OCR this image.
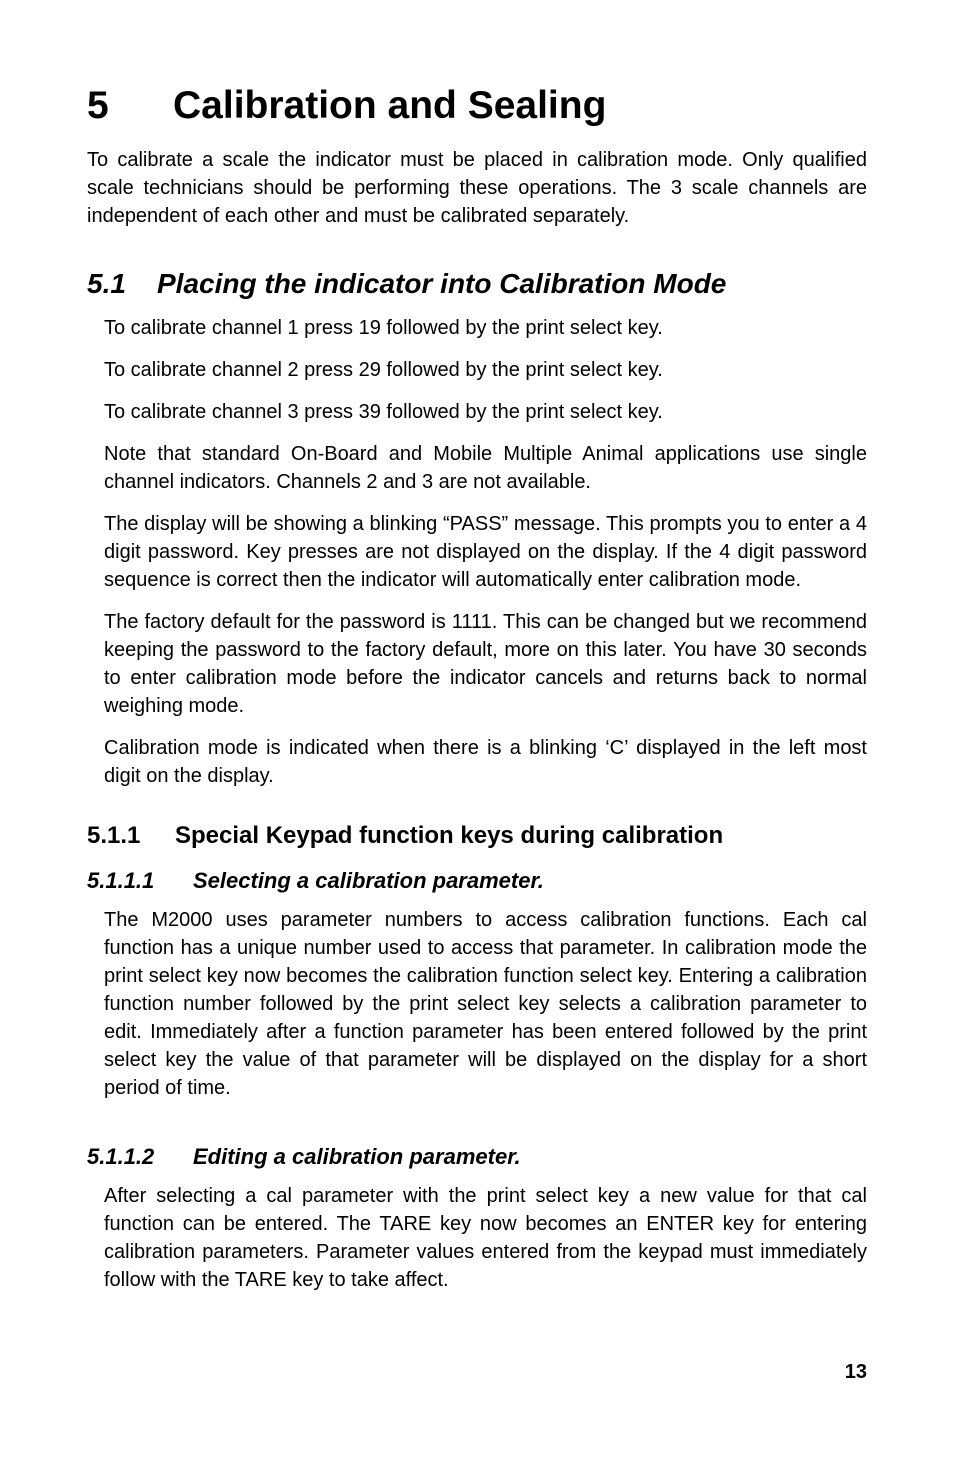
5 Calibration and Sealing

To calibrate a scale the indicator must be placed in calibration mode. Only qualified scale technicians should be performing these operations. The 3 scale channels are independent of each other and must be calibrated separately.

5.1 Placing the indicator into Calibration Mode

To calibrate channel 1 press 19 followed by the print select key.

To calibrate channel 2 press 29 followed by the print select key.

To calibrate channel 3 press 39 followed by the print select key.

Note that standard On-Board and Mobile Multiple Animal applications use single channel indicators. Channels 2 and 3 are not available.

The display will be showing a blinking “PASS” message. This prompts you to enter a 4 digit password. Key presses are not displayed on the display. If the 4 digit password sequence is correct then the indicator will automatically enter calibration mode.

The factory default for the password is 1111. This can be changed but we recommend keeping the password to the factory default, more on this later. You have 30 seconds to enter calibration mode before the indicator cancels and returns back to normal weighing mode.

Calibration mode is indicated when there is a blinking ‘C’ displayed in the left most digit on the display.

5.1.1 Special Keypad function keys during calibration
5.1.1.1 Selecting a calibration parameter.

The M2000 uses parameter numbers to access calibration functions. Each cal function has a unique number used to access that parameter. In calibration mode the print select key now becomes the calibration function select key. Entering a calibration function number followed by the print select key selects a calibration parameter to edit. Immediately after a function parameter has been entered followed by the print select key the value of that parameter will be displayed on the display for a short period of time.

5.1.1.2 Editing a calibration parameter.

After selecting a cal parameter with the print select key a new value for that cal function can be entered. The TARE key now becomes an ENTER key for entering calibration parameters. Parameter values entered from the keypad must immediately follow with the TARE key to take affect.

13
